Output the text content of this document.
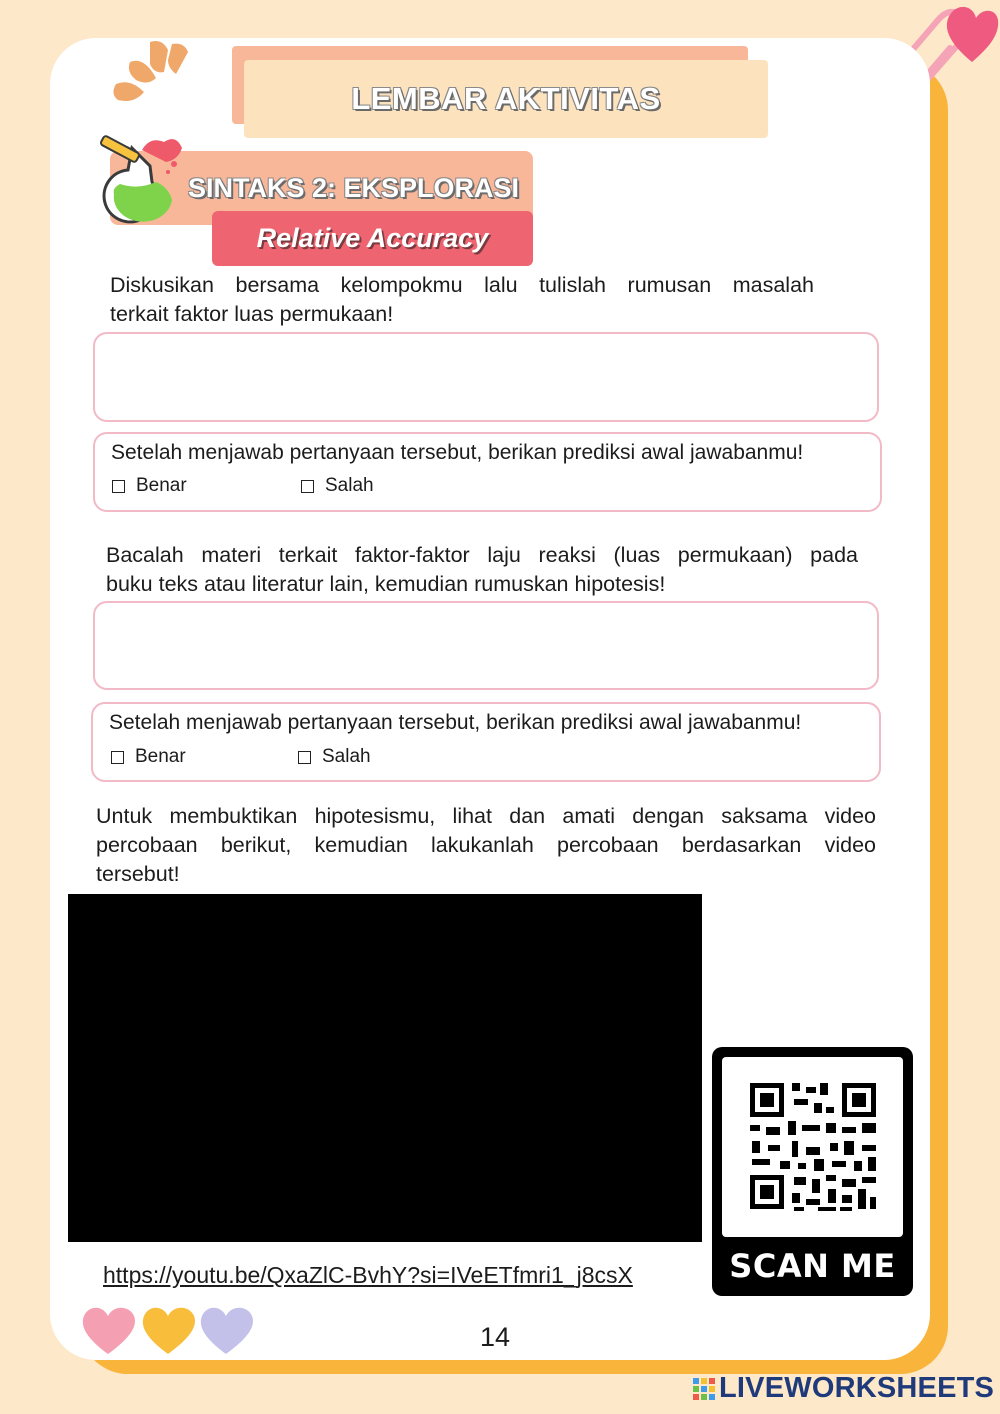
LEMBAR AKTIVITAS
SINTAKS 2: EKSPLORASI
Relative Accuracy
Diskusikan bersama kelompokmu lalu tulislah rumusan masalah
terkait faktor luas permukaan!
Setelah menjawab pertanyaan tersebut, berikan prediksi awal jawabanmu!
Benar	Salah
Bacalah materi terkait faktor-faktor laju reaksi (luas permukaan) pada
buku teks atau literatur lain, kemudian rumuskan hipotesis!
Setelah menjawab pertanyaan tersebut, berikan prediksi awal jawabanmu!
Benar	Salah
Untuk membuktikan hipotesismu, lihat dan amati dengan saksama video
percobaan berikut, kemudian lakukanlah percobaan berdasarkan video
tersebut!
SCAN ME
https://youtu.be/QxaZlC-BvhY?si=IVeETfmri1_j8csX
14
LIVEWORKSHEETS
